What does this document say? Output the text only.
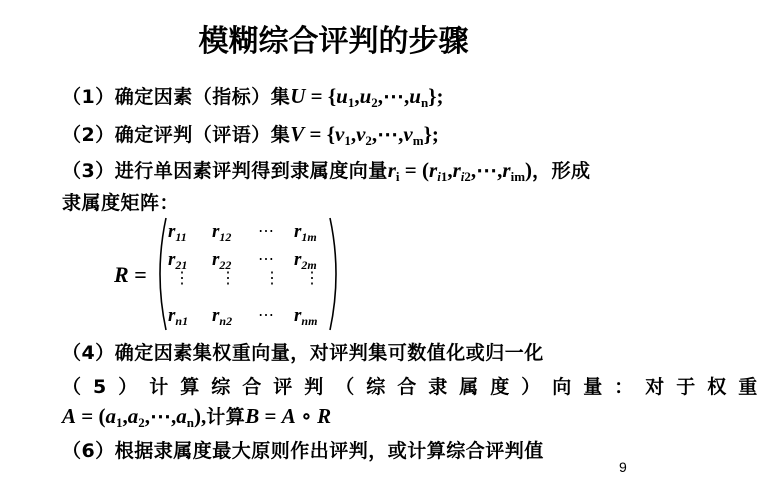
模糊综合评判的步骤
（1）确定因素（指标）集$U = \{u_1,u_2,\cdots,u_n\}$;
（2）确定评判（评语）集$V = \{v_1,v_2,\cdots,v_m\}$;
（3）进行单因素评判得到隶属度向量$r_i$ = $(r_{i1},r_{i2},\cdots,r_{im})$，形成
隶属度矩阵：
R =
$r_{11}$ $r_{12}$ ⋯ $r_{1m}$
$r_{21}$ $r_{22}$ ⋯ $r_{2m}$
⋮ ⋮ ⋮ ⋮
$r_{n1}$ $r_{n2}$ ⋯ $r_{nm}$
（4）确定因素集权重向量，对评判集可数值化或归一化
（5）计算综合评判（综合隶属度）向量：对于权重
$A = (a_1,a_2,\cdots,a_n)$,计算B = A ∘ R
（6）根据隶属度最大原则作出评判，或计算综合评判值
9
